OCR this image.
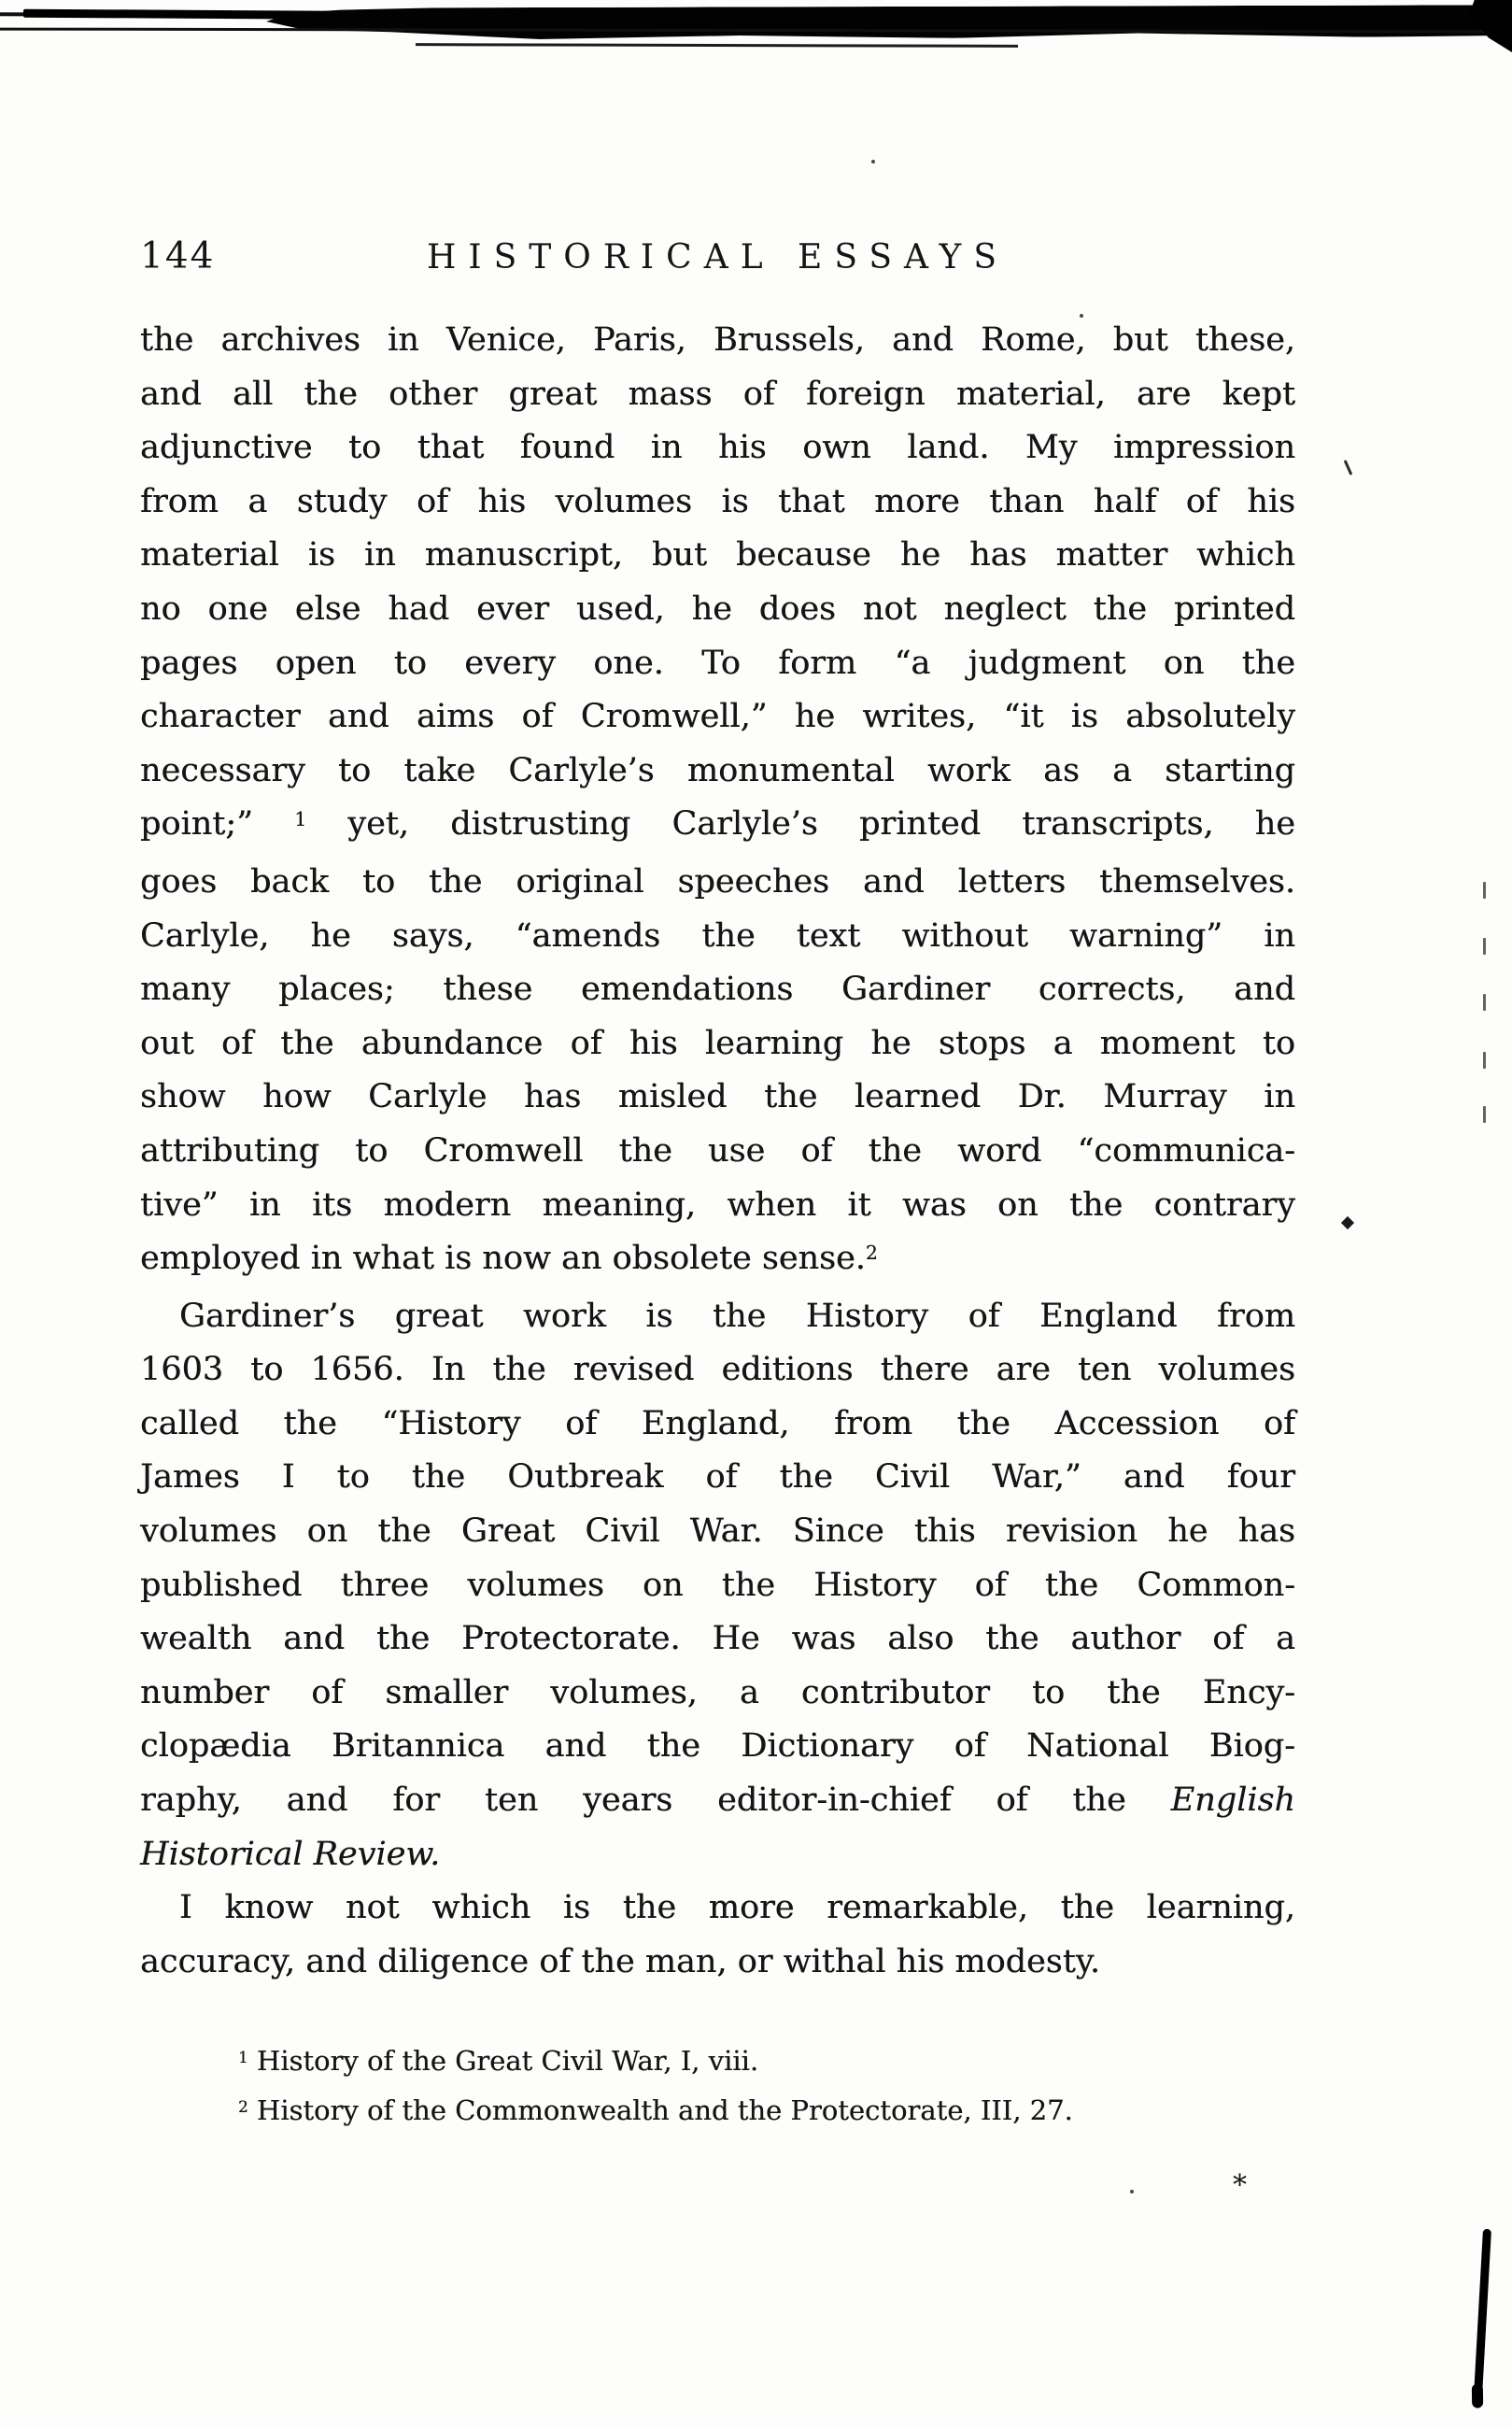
144	HISTORICAL ESSAYS
the archives in Venice, Paris, Brussels, and Rome, but these,
and all the other great mass of foreign material, are kept
adjunctive to that found in his own land. My impression
from a study of his volumes is that more than half of his
material is in manuscript, but because he has matter which
no one else had ever used, he does not neglect the printed
pages open to every one. To form “a judgment on the
character and aims of Cromwell,” he writes, “it is absolutely
necessary to take Carlyle’s monumental work as a starting
point;” $^1$ yet, distrusting Carlyle’s printed transcripts, he
goes back to the original speeches and letters themselves.
Carlyle, he says, “amends the text without warning” in
many places; these emendations Gardiner corrects, and
out of the abundance of his learning he stops a moment to
show how Carlyle has misled the learned Dr. Murray in
attributing to Cromwell the use of the word “communica-
tive” in its modern meaning, when it was on the contrary
employed in what is now an obsolete sense.$^2$
Gardiner’s great work is the History of England from
1603 to 1656. In the revised editions there are ten volumes
called the “History of England, from the Accession of
James I to the Outbreak of the Civil War,” and four
volumes on the Great Civil War. Since this revision he has
published three volumes on the History of the Common-
wealth and the Protectorate. He was also the author of a
number of smaller volumes, a contributor to the Ency-
clopædia Britannica and the Dictionary of National Biog-
raphy, and for ten years editor-in-chief of the English
Historical Review.
I know not which is the more remarkable, the learning,
accuracy, and diligence of the man, or withal his modesty.
$^1$ History of the Great Civil War, I, viii.
$^2$ History of the Commonwealth and the Protectorate, III, 27.
*
